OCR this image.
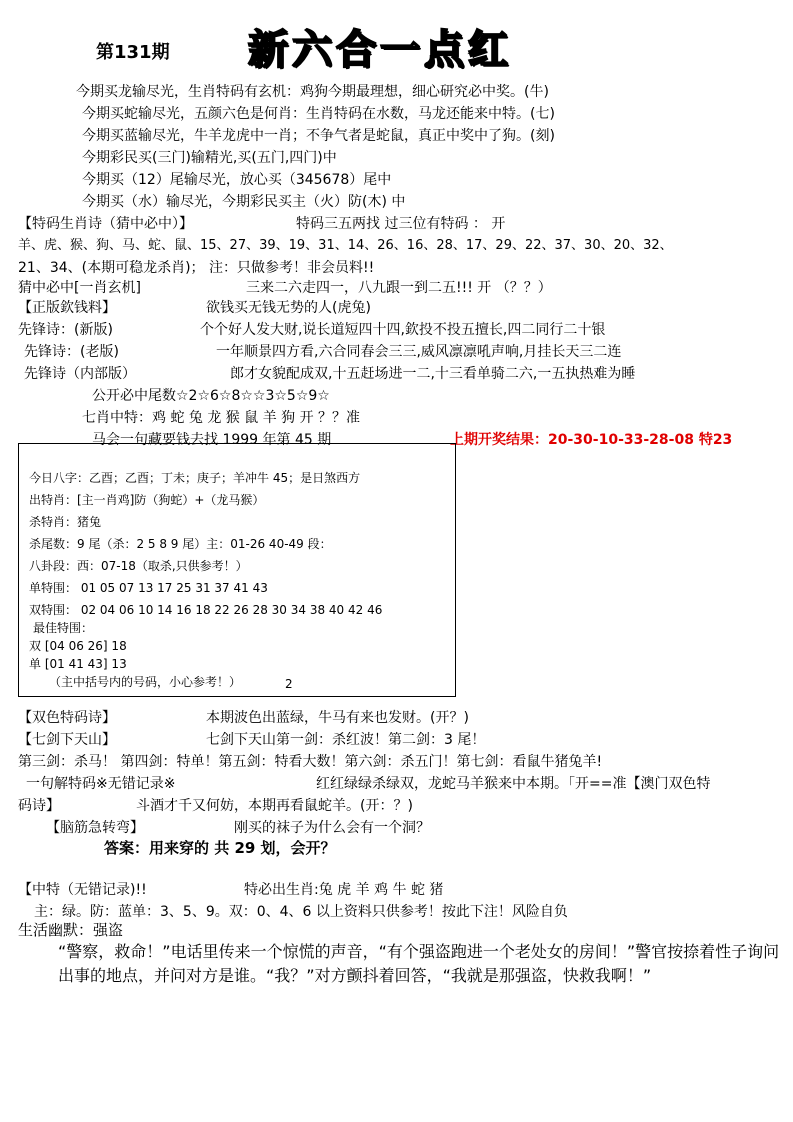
第131期 新六合一点红
今期买龙输尽光，生肖特码有玄机：鸡狗今期最理想，细心研究必中奖。(牛)
今期买蛇输尽光，五颜六色是何肖：生肖特码在水数，马龙还能来中特。(七)
今期买蓝输尽光，牛羊龙虎中一肖；不争气者是蛇鼠，真正中奖中了狗。(刻)
今期彩民买(三门)输精光,买(五门,四门)中
今期买（12）尾输尽光，放心买（345678）尾中
今期买（水）输尽光，今期彩民买主（火）防(木) 中
【特码生肖诗（猜中必中）】	特码三五两找 过三位有特码 ： 开
羊、虎、猴、狗、马、蛇、鼠、15、27、39、19、31、14、26、16、28、17、29、22、37、30、20、32、
21、34、(本期可稳龙杀肖)； 注：只做参考！非会员料!!
猜中必中[一肖玄机]	三来二六走四一，八九跟一到二五!!! 开 （？？）
【正版欽钱料】	欲钱买无钱无势的人(虎兔)
先锋诗：(新版)	个个好人发大财,说长道短四十四,欽投不投五擅长,四二同行二十银
先锋诗：(老版)	一年顺景四方看,六合同春会三三,威风凛凛吼声响,月挂长天三二连
先锋诗（内部版）	郎才女貌配成双,十五赶场进一二,十三看单骑二六,一五执热难为睡
公开必中尾数☆2☆6☆8☆☆3☆5☆9☆
七肖中特：鸡 蛇 兔 龙 猴 鼠 羊 狗 开 ？？准
马会一句藏要钱去找 1999 年第 45 期	上期开奖结果：20-30-10-33-28-08 特23
今日八字：乙酉；乙酉；丁未；庚子；羊冲牛 45；是日煞西方
出特肖：[主一肖鸡]防（狗蛇）+（龙马猴）
杀特肖：猪兔
杀尾数：9 尾（杀：2 5 8 9 尾）主：01-26 40-49 段：
八卦段：西：07-18（取杀,只供参考！）
单特围： 01 05 07 13 17 25 31 37 41 43
双特围： 02 04 06 10 14 16 18 22 26 28 30 34 38 40 42 46
最佳特围：
双 [04 06 26] 18
单 [01 41 43] 13
（主中括号内的号码，小心参考！）	2
【双色特码诗】	本期波色出蓝绿，牛马有来也发财。(开？)
【七剑下天山】	七剑下天山第一剑：杀红波！第二剑：3 尾！
第三剑：杀马！ 第四剑：特单！第五剑：特看大数！第六剑：杀五门！第七剑：看鼠牛猪兔羊!
一句解特码※无错记录※	红红绿绿杀绿双，龙蛇马羊猴来中本期。「开==准【澳门双色特
码诗】	斗酒才千又何妨，本期再看鼠蛇羊。(开：？)
【脑筋急转弯】	刚买的袜子为什么会有一个洞？
答案：用来穿的 共 29 划，会开？
【中特（无错记录)!!	特必出生肖:兔 虎 羊 鸡 牛 蛇 猪
主：绿。防：蓝单：3、5、9。双：0、4、6 以上资料只供参考！按此下注！风险自负
生活幽默：强盗
“警察，救命！”电话里传来一个惊慌的声音，“有个强盗跑进一个老处女的房间！”警官按捺着性子询问出事的地点，并问对方是谁。“我？”对方颤抖着回答，“我就是那强盗，快救我啊！”
